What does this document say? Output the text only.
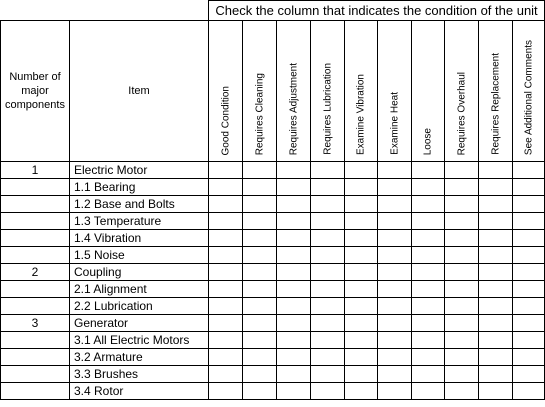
		Check the column that indicates the condition of the unit									
Number of major components	Item	Good Condition	Requires Cleaning	Requires Adjustment	Requires Lubrication	Examine Vibration	Examine Heat	Loose	Requires Overhaul	Requires Replacement	See Additional Comments

1	Electric Motor										
	1.1 Bearing										
	1.2 Base and Bolts										
	1.3 Temperature										
	1.4 Vibration										
	1.5 Noise										
2	Coupling										
	2.1 Alignment										
	2.2 Lubrication										
3	Generator										
	3.1 All Electric Motors										
	3.2 Armature										
	3.3 Brushes										
	3.4 Rotor										
